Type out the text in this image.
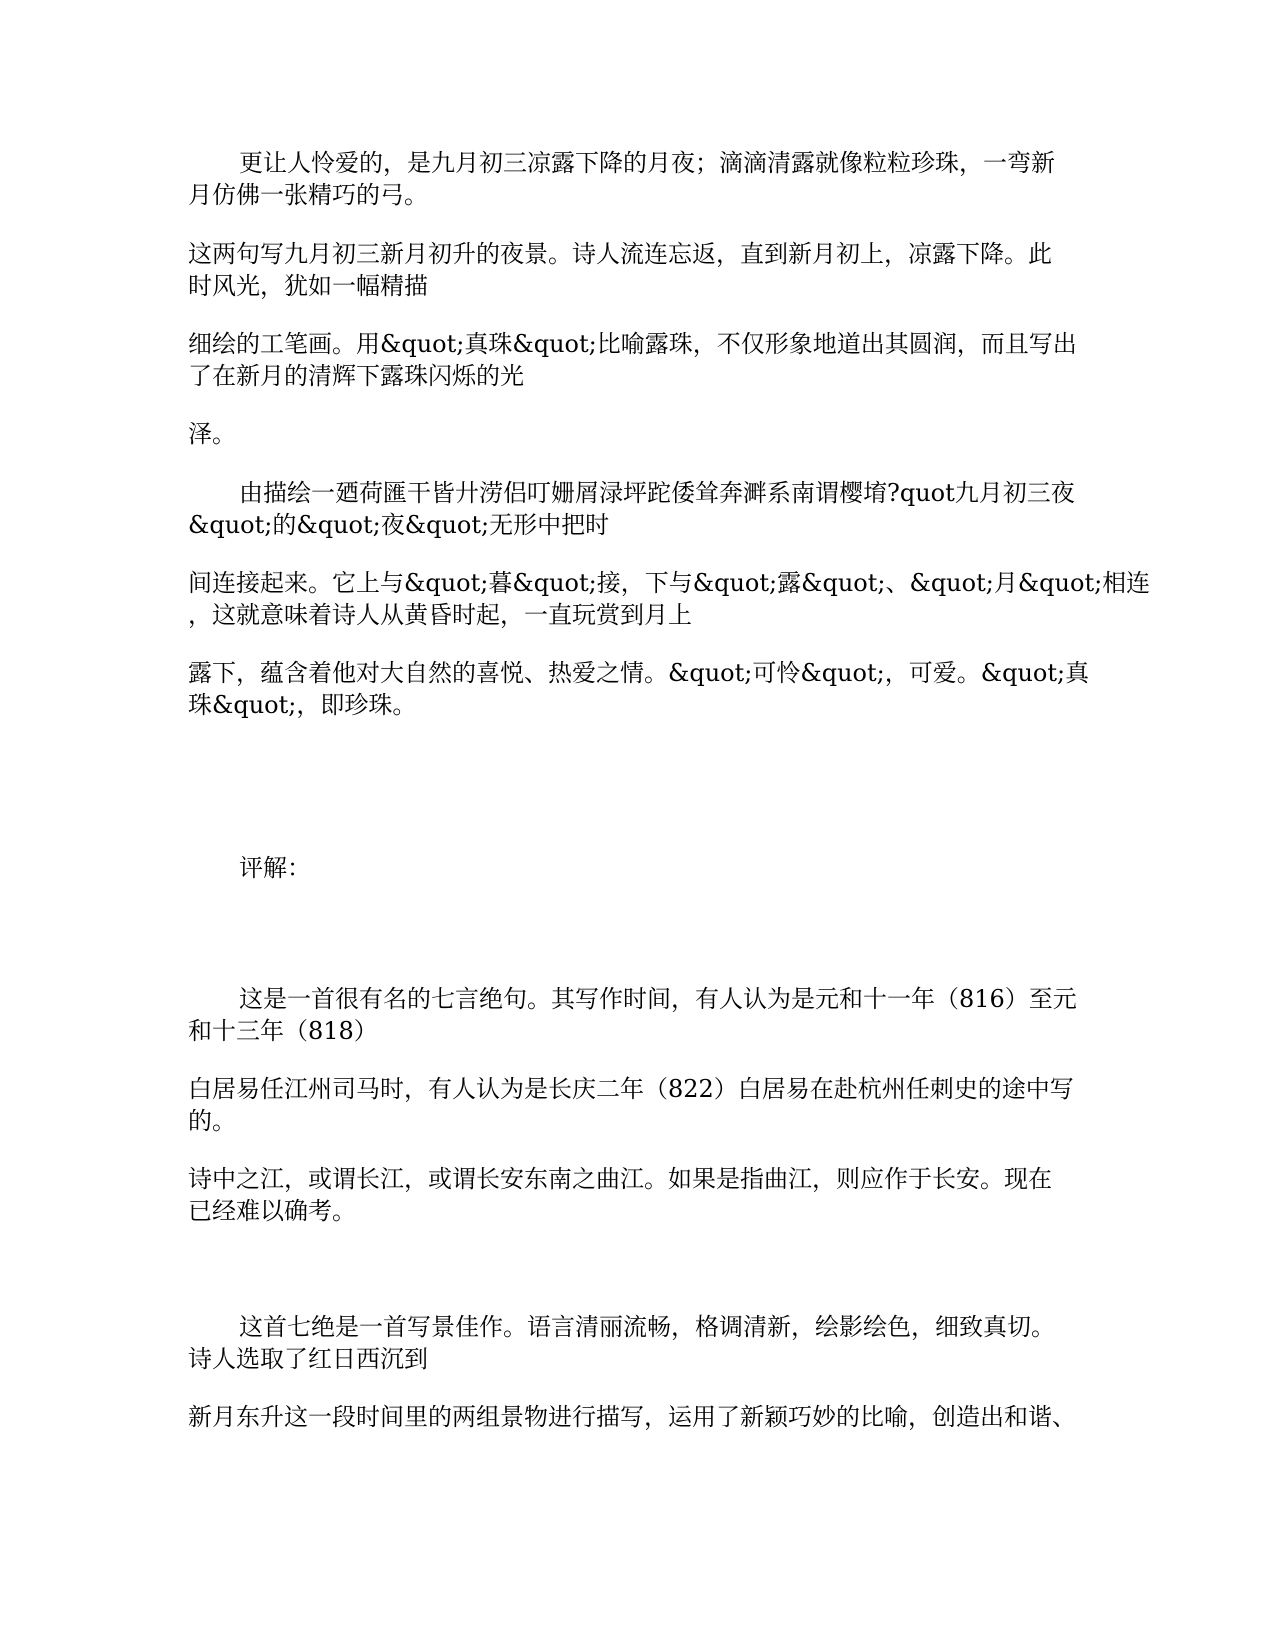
更让人怜爱的，是九月初三凉露下降的月夜；滴滴清露就像粒粒珍珠，一弯新
月仿佛一张精巧的弓。
这两句写九月初三新月初升的夜景。诗人流连忘返，直到新月初上，凉露下降。此
时风光，犹如一幅精描
细绘的工笔画。用&quot;真珠&quot;比喻露珠，不仅形象地道出其圆润，而且写出
了在新月的清辉下露珠闪烁的光
泽。
由描绘一廼荷匯干皆廾涝侣叮姗屑渌坪跎倭耸奔溿系南谓樱堉?quot九月初三夜
&quot;的&quot;夜&quot;无形中把时
间连接起来。它上与&quot;暮&quot;接，下与&quot;露&quot;、&quot;月&quot;相连
，这就意味着诗人从黄昏时起，一直玩赏到月上
露下，蕴含着他对大自然的喜悦、热爱之情。&quot;可怜&quot;，可爱。&quot;真
珠&quot;，即珍珠。
评解：
这是一首很有名的七言绝句。其写作时间，有人认为是元和十一年（816）至元
和十三年（818）
白居易任江州司马时，有人认为是长庆二年（822）白居易在赴杭州任刺史的途中写
的。
诗中之江，或谓长江，或谓长安东南之曲江。如果是指曲江，则应作于长安。现在
已经难以确考。
这首七绝是一首写景佳作。语言清丽流畅，格调清新，绘影绘色，细致真切。
诗人选取了红日西沉到
新月东升这一段时间里的两组景物进行描写，运用了新颖巧妙的比喻，创造出和谐、
